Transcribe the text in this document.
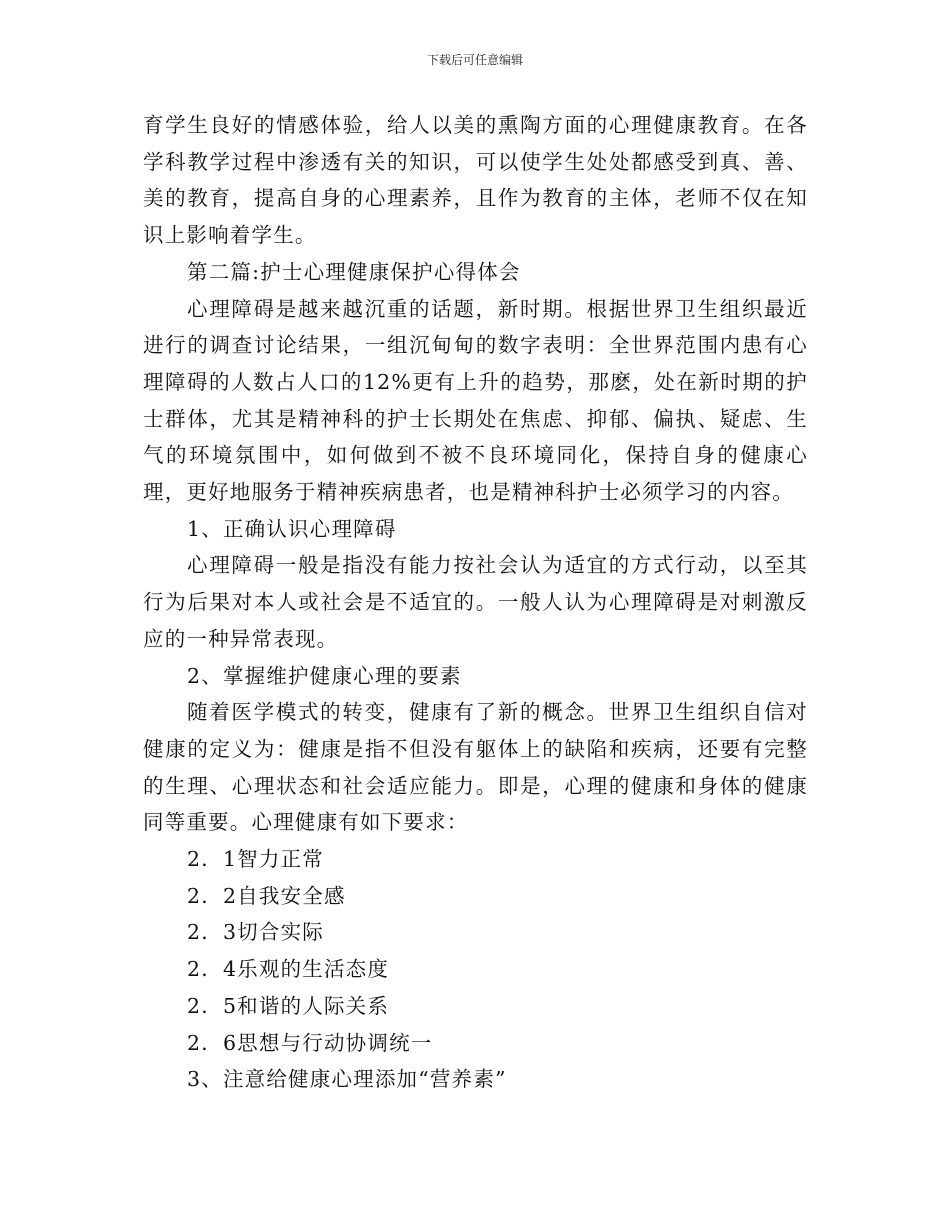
下载后可任意编辑

育学生良好的情感体验，给人以美的熏陶方面的心理健康教育。在各学科教学过程中渗透有关的知识，可以使学生处处都感受到真、善、美的教育，提高自身的心理素养，且作为教育的主体，老师不仅在知识上影响着学生。

第二篇:护士心理健康保护心得体会

心理障碍是越来越沉重的话题，新时期。根据世界卫生组织最近进行的调查讨论结果，一组沉甸甸的数字表明：全世界范围内患有心理障碍的人数占人口的12%更有上升的趋势，那麽，处在新时期的护士群体，尤其是精神科的护士长期处在焦虑、抑郁、偏执、疑虑、生气的环境氛围中，如何做到不被不良环境同化，保持自身的健康心理，更好地服务于精神疾病患者，也是精神科护士必须学习的内容。

1、正确认识心理障碍

心理障碍一般是指没有能力按社会认为适宜的方式行动，以至其行为后果对本人或社会是不适宜的。一般人认为心理障碍是对刺激反应的一种异常表现。

2、掌握维护健康心理的要素

随着医学模式的转变，健康有了新的概念。世界卫生组织自信对健康的定义为：健康是指不但没有躯体上的缺陷和疾病，还要有完整的生理、心理状态和社会适应能力。即是，心理的健康和身体的健康同等重要。心理健康有如下要求：

2．1智力正常

2．2自我安全感

2．3切合实际

2．4乐观的生活态度

2．5和谐的人际关系

2．6思想与行动协调统一

3、注意给健康心理添加“营养素”
